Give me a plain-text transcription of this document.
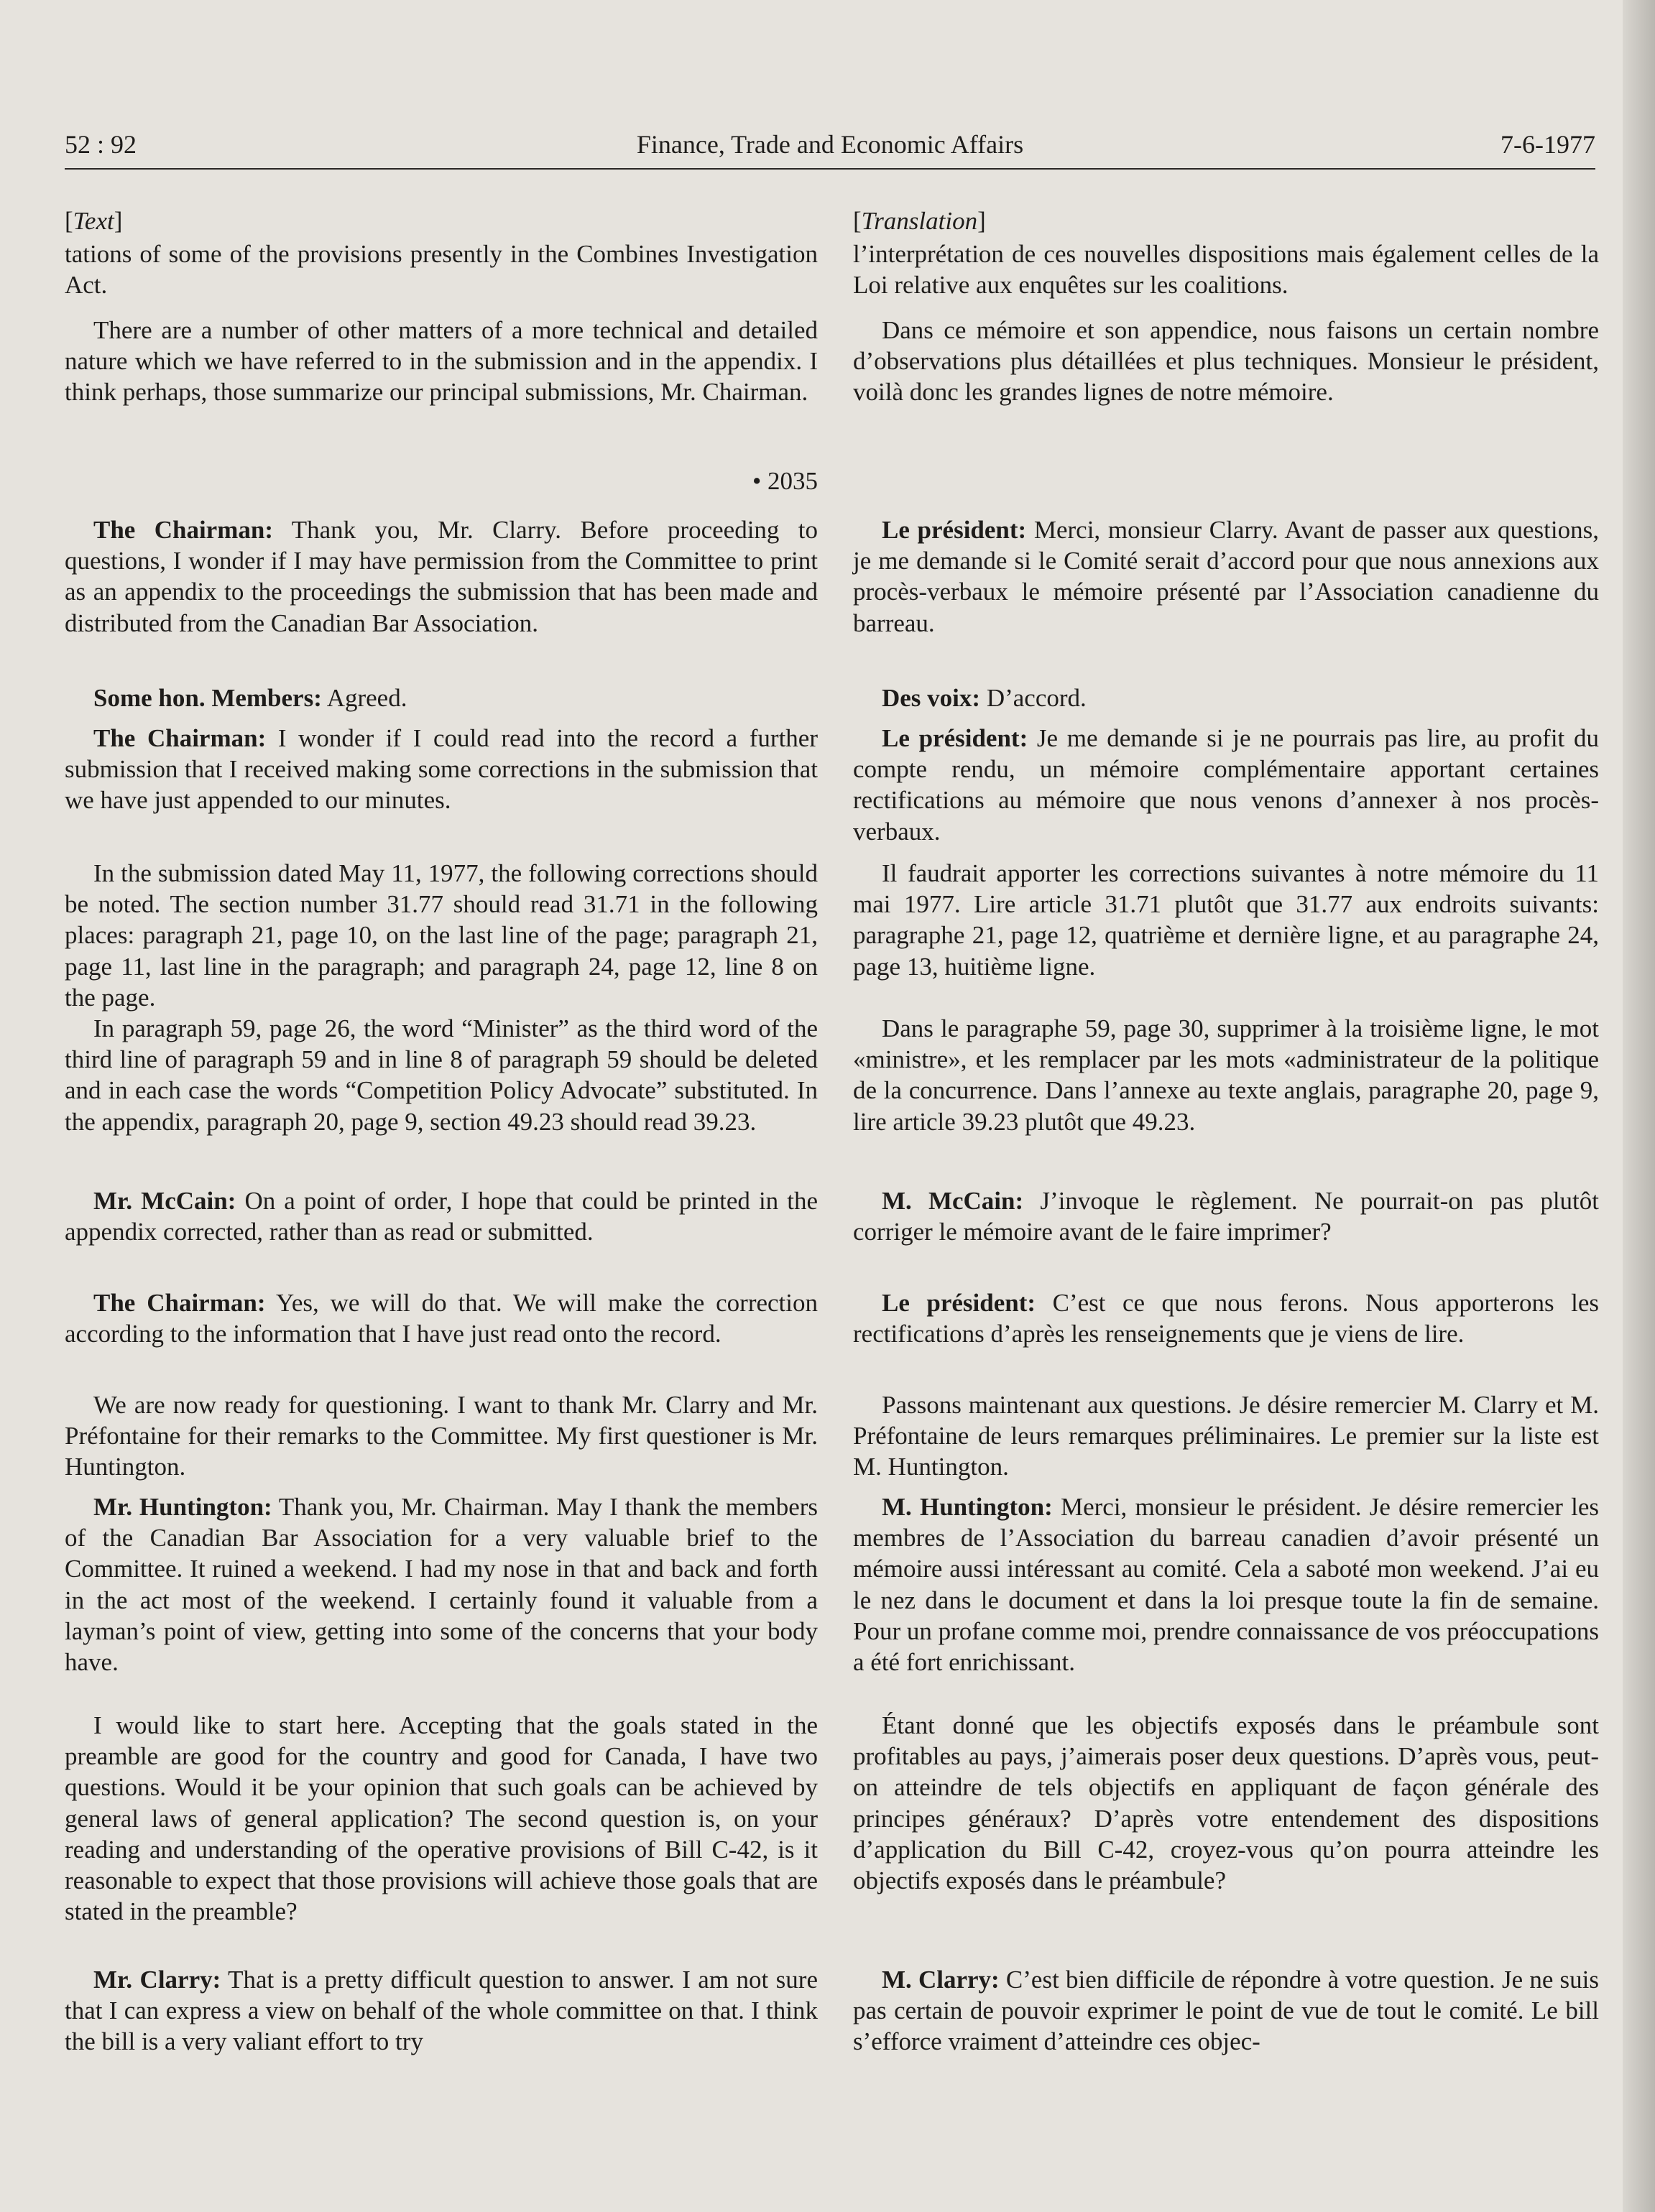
52 : 92	Finance, Trade and Economic Affairs	7-6-1977
[Text]

tations of some of the provisions presently in the Combines Investigation Act.

There are a number of other matters of a more technical and detailed nature which we have referred to in the submission and in the appendix. I think perhaps, those summarize our principal submissions, Mr. Chairman.

• 2035

The Chairman: Thank you, Mr. Clarry. Before proceeding to questions, I wonder if I may have permission from the Committee to print as an appendix to the proceedings the submission that has been made and distributed from the Canadian Bar Association.

Some hon. Members: Agreed.

The Chairman: I wonder if I could read into the record a further submission that I received making some corrections in the submission that we have just appended to our minutes.

In the submission dated May 11, 1977, the following corrections should be noted. The section number 31.77 should read 31.71 in the following places: paragraph 21, page 10, on the last line of the page; paragraph 21, page 11, last line in the paragraph; and paragraph 24, page 12, line 8 on the page.

In paragraph 59, page 26, the word “Minister” as the third word of the third line of paragraph 59 and in line 8 of paragraph 59 should be deleted and in each case the words “Competition Policy Advocate” substituted. In the appendix, paragraph 20, page 9, section 49.23 should read 39.23.

Mr. McCain: On a point of order, I hope that could be printed in the appendix corrected, rather than as read or submitted.

The Chairman: Yes, we will do that. We will make the correction according to the information that I have just read onto the record.

We are now ready for questioning. I want to thank Mr. Clarry and Mr. Préfontaine for their remarks to the Committee. My first questioner is Mr. Huntington.

Mr. Huntington: Thank you, Mr. Chairman. May I thank the members of the Canadian Bar Association for a very valuable brief to the Committee. It ruined a weekend. I had my nose in that and back and forth in the act most of the weekend. I certainly found it valuable from a layman’s point of view, getting into some of the concerns that your body have.

I would like to start here. Accepting that the goals stated in the preamble are good for the country and good for Canada, I have two questions. Would it be your opinion that such goals can be achieved by general laws of general application? The second question is, on your reading and understanding of the operative provisions of Bill C-42, is it reasonable to expect that those provisions will achieve those goals that are stated in the preamble?

Mr. Clarry: That is a pretty difficult question to answer. I am not sure that I can express a view on behalf of the whole committee on that. I think the bill is a very valiant effort to try

[Translation]

l’interprétation de ces nouvelles dispositions mais également celles de la Loi relative aux enquêtes sur les coalitions.

Dans ce mémoire et son appendice, nous faisons un certain nombre d’observations plus détaillées et plus techniques. Monsieur le président, voilà donc les grandes lignes de notre mémoire.

Le président: Merci, monsieur Clarry. Avant de passer aux questions, je me demande si le Comité serait d’accord pour que nous annexions aux procès-verbaux le mémoire présenté par l’Association canadienne du barreau.

Des voix: D’accord.

Le président: Je me demande si je ne pourrais pas lire, au profit du compte rendu, un mémoire complémentaire apportant certaines rectifications au mémoire que nous venons d’annexer à nos procès-verbaux.

Il faudrait apporter les corrections suivantes à notre mémoire du 11 mai 1977. Lire article 31.71 plutôt que 31.77 aux endroits suivants: paragraphe 21, page 12, quatrième et dernière ligne, et au paragraphe 24, page 13, huitième ligne.

Dans le paragraphe 59, page 30, supprimer à la troisième ligne, le mot «ministre», et les remplacer par les mots «administrateur de la politique de la concurrence. Dans l’annexe au texte anglais, paragraphe 20, page 9, lire article 39.23 plutôt que 49.23.

M. McCain: J’invoque le règlement. Ne pourrait-on pas plutôt corriger le mémoire avant de le faire imprimer?

Le président: C’est ce que nous ferons. Nous apporterons les rectifications d’après les renseignements que je viens de lire.

Passons maintenant aux questions. Je désire remercier M. Clarry et M. Préfontaine de leurs remarques préliminaires. Le premier sur la liste est M. Huntington.

M. Huntington: Merci, monsieur le président. Je désire remercier les membres de l’Association du barreau canadien d’avoir présenté un mémoire aussi intéressant au comité. Cela a saboté mon weekend. J’ai eu le nez dans le document et dans la loi presque toute la fin de semaine. Pour un profane comme moi, prendre connaissance de vos préoccupations a été fort enrichissant.

Étant donné que les objectifs exposés dans le préambule sont profitables au pays, j’aimerais poser deux questions. D’après vous, peut-on atteindre de tels objectifs en appliquant de façon générale des principes généraux? D’après votre entendement des dispositions d’application du Bill C-42, croyez-vous qu’on pourra atteindre les objectifs exposés dans le préambule?

M. Clarry: C’est bien difficile de répondre à votre question. Je ne suis pas certain de pouvoir exprimer le point de vue de tout le comité. Le bill s’efforce vraiment d’atteindre ces objec-
